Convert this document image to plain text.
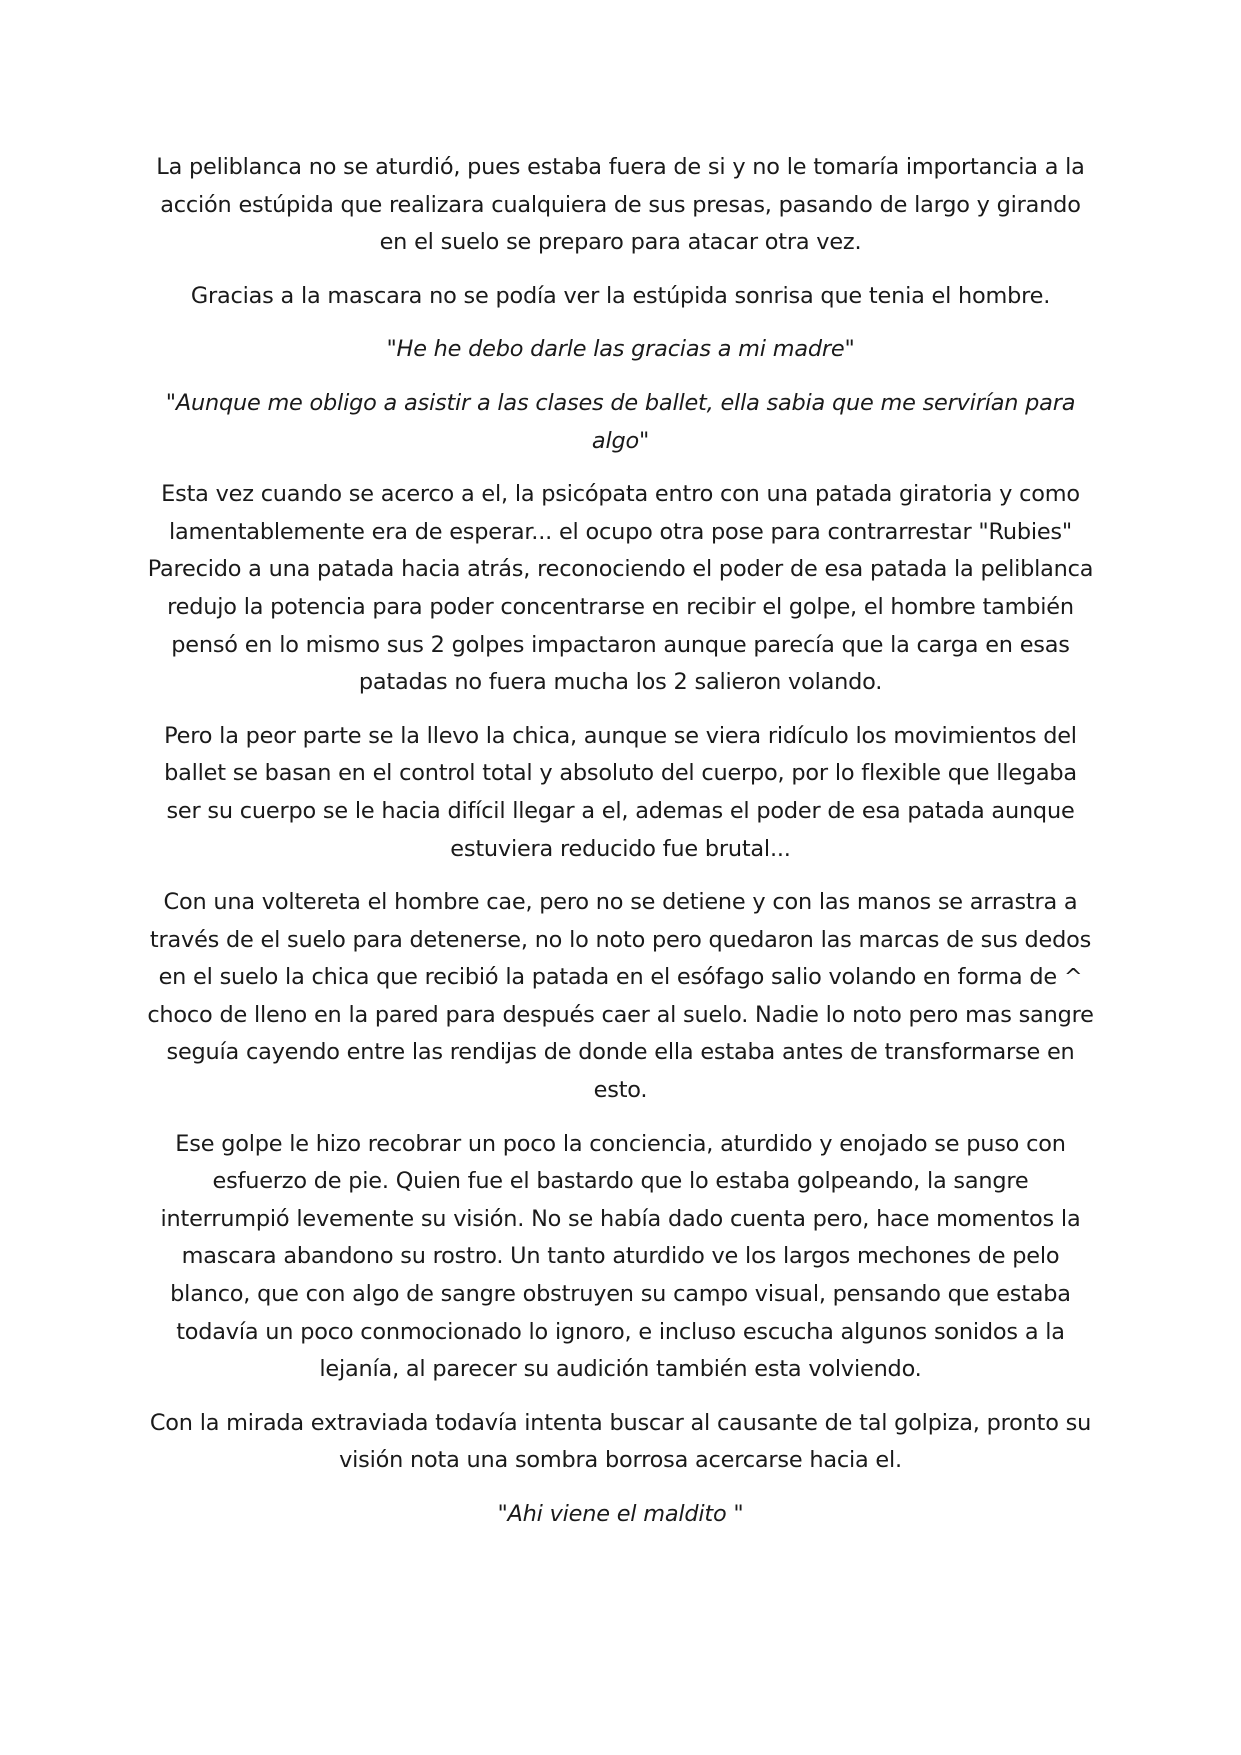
La peliblanca no se aturdió, pues estaba fuera de si y no le tomaría importancia a la acción estúpida que realizara cualquiera de sus presas, pasando de largo y girando en el suelo se preparo para atacar otra vez.

Gracias a la mascara no se podía ver la estúpida sonrisa que tenia el hombre.

"He he debo darle las gracias a mi madre"

"Aunque me obligo a asistir a las clases de ballet, ella sabia que me servirían para algo"

Esta vez cuando se acerco a el, la psicópata entro con una patada giratoria y como lamentablemente era de esperar... el ocupo otra pose para contrarrestar "Rubies" Parecido a una patada hacia atrás, reconociendo el poder de esa patada la peliblanca redujo la potencia para poder concentrarse en recibir el golpe, el hombre también pensó en lo mismo sus 2 golpes impactaron aunque parecía que la carga en esas patadas no fuera mucha los 2 salieron volando.

Pero la peor parte se la llevo la chica, aunque se viera ridículo los movimientos del ballet se basan en el control total y absoluto del cuerpo, por lo flexible que llegaba ser su cuerpo se le hacia difícil llegar a el, ademas el poder de esa patada aunque estuviera reducido fue brutal...

Con una voltereta el hombre cae, pero no se detiene y con las manos se arrastra a través de el suelo para detenerse, no lo noto pero quedaron las marcas de sus dedos en el suelo la chica que recibió la patada en el esófago salio volando en forma de ^ choco de lleno en la pared para después caer al suelo. Nadie lo noto pero mas sangre seguía cayendo entre las rendijas de donde ella estaba antes de transformarse en esto.

Ese golpe le hizo recobrar un poco la conciencia, aturdido y enojado se puso con esfuerzo de pie. Quien fue el bastardo que lo estaba golpeando, la sangre interrumpió levemente su visión. No se había dado cuenta pero, hace momentos la mascara abandono su rostro. Un tanto aturdido ve los largos mechones de pelo blanco, que con algo de sangre obstruyen su campo visual, pensando que estaba todavía un poco conmocionado lo ignoro, e incluso escucha algunos sonidos a la lejanía, al parecer su audición también esta volviendo.

Con la mirada extraviada todavía intenta buscar al causante de tal golpiza, pronto su visión nota una sombra borrosa acercarse hacia el.

"Ahi viene el maldito "
